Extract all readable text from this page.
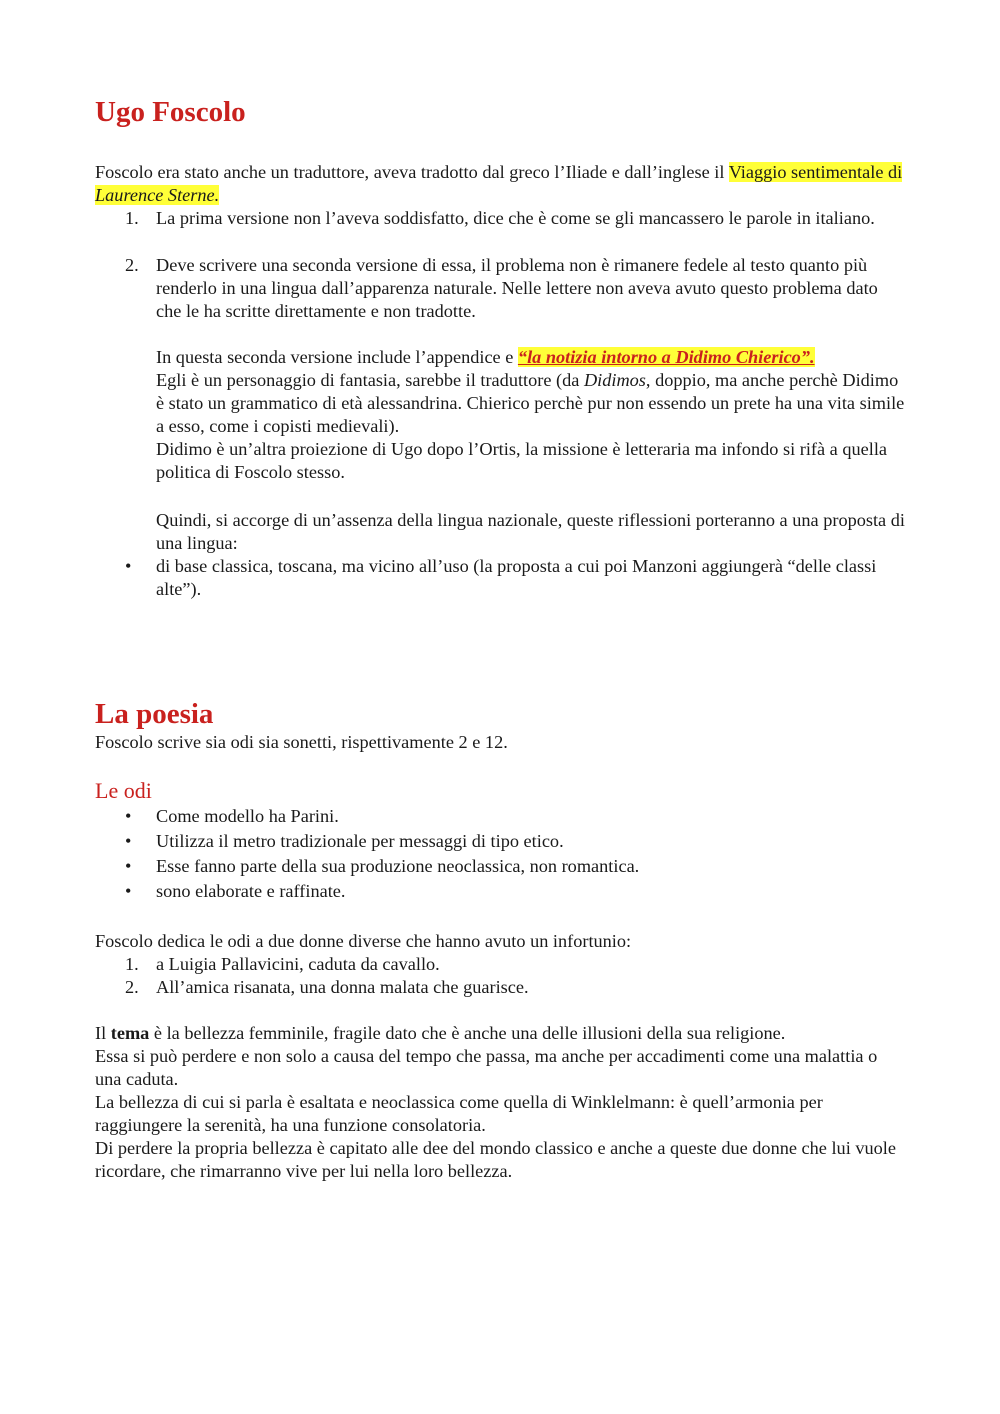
Ugo Foscolo

Foscolo era stato anche un traduttore, aveva tradotto dal greco l’Iliade e dall’inglese il Viaggio sentimentale di Laurence Sterne.

1. La prima versione non l’aveva soddisfatto, dice che è come se gli mancassero le parole in italiano.
2. Deve scrivere una seconda versione di essa, il problema non è rimanere fedele al testo quanto più renderlo in una lingua dall’apparenza naturale. Nelle lettere non aveva avuto questo problema dato che le ha scritte direttamente e non tradotte.
In questa seconda versione include l’appendice e “la notizia intorno a Didimo Chierico”.
Egli è un personaggio di fantasia, sarebbe il traduttore (da Didimos, doppio, ma anche perchè Didimo è stato un grammatico di età alessandrina. Chierico perchè pur non essendo un prete ha una vita simile a esso, come i copisti medievali).
Didimo è un’altra proiezione di Ugo dopo l’Ortis, la missione è letteraria ma infondo si rifà a quella politica di Foscolo stesso.
Quindi, si accorge di un’assenza della lingua nazionale, queste riflessioni porteranno a una proposta di una lingua:
•	di base classica, toscana, ma vicino all’uso (la proposta a cui poi Manzoni aggiungerà “delle classi alte”).
La poesia

Foscolo scrive sia odi sia sonetti, rispettivamente 2 e 12.

Le odi
•	Come modello ha Parini.
•	Utilizza il metro tradizionale per messaggi di tipo etico.
•	Esse fanno parte della sua produzione neoclassica, non romantica.
•	sono elaborate e raffinate.

Foscolo dedica le odi a due donne diverse che hanno avuto un infortunio:

1. a Luigia Pallavicini, caduta da cavallo.
2. All’amica risanata, una donna malata che guarisce.
Il tema è la bellezza femminile, fragile dato che è anche una delle illusioni della sua religione.
Essa si può perdere e non solo a causa del tempo che passa, ma anche per accadimenti come una malattia o una caduta.
La bellezza di cui si parla è esaltata e neoclassica come quella di Winklelmann: è quell’armonia per raggiungere la serenità, ha una funzione consolatoria.
Di perdere la propria bellezza è capitato alle dee del mondo classico e anche a queste due donne che lui vuole ricordare, che rimarranno vive per lui nella loro bellezza.
